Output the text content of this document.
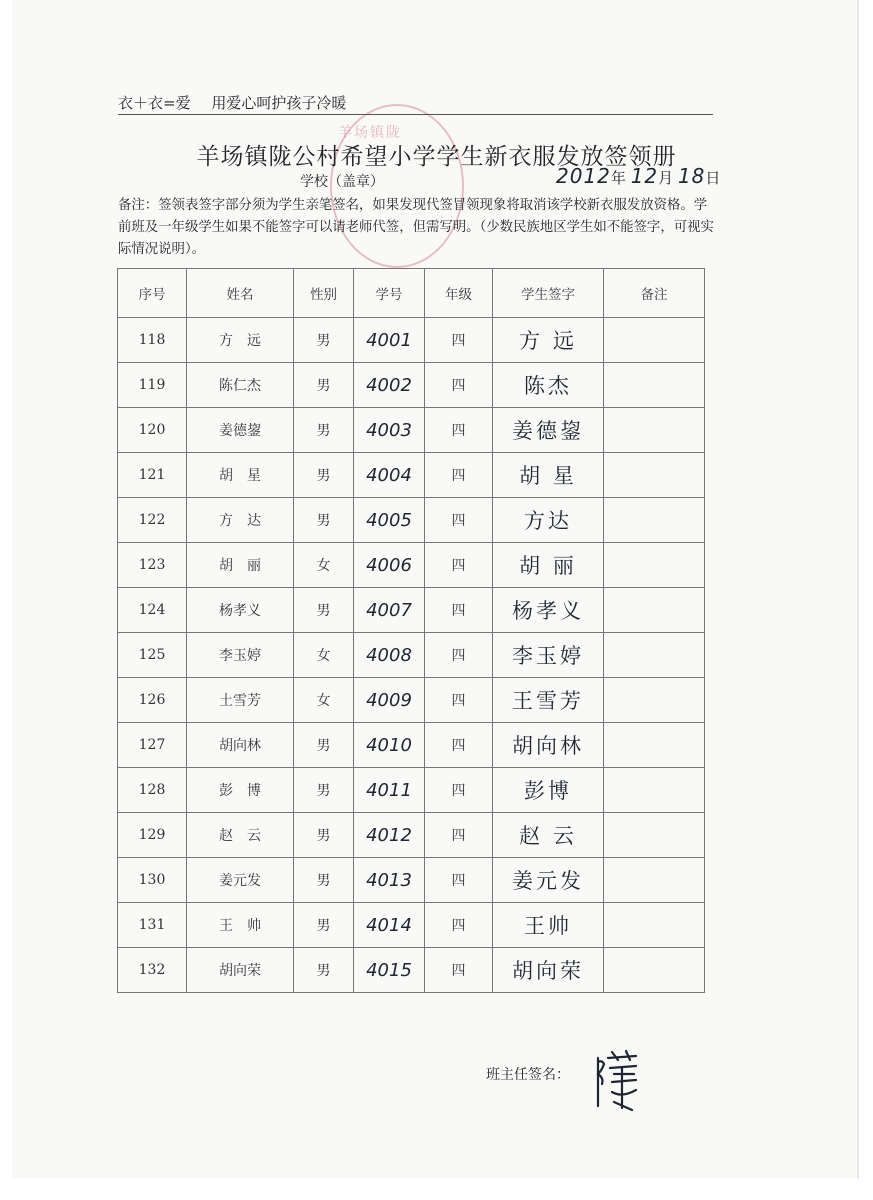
羊场镇陇
衣＋衣=爱 用爱心呵护孩子冷暖
羊场镇陇公村希望小学学生新衣服发放签领册
学校（盖章）	2012年 12月 18日
备注：签领表签字部分须为学生亲笔签名，如果发现代签冒领现象将取消该学校新衣服发放资格。学前班及一年级学生如果不能签字可以请老师代签，但需写明。（少数民族地区学生如不能签字，可视实际情况说明）。
序号	姓名	性别	学号	年级	学生签字	备注
118	方　远	男	4001	四	方 远	
119	陈仁杰	男	4002	四	陈杰	
120	姜德鋆	男	4003	四	姜德鋆	
121	胡　星	男	4004	四	胡 星	
122	方　达	男	4005	四	方达	
123	胡　丽	女	4006	四	胡 丽	
124	杨孝义	男	4007	四	杨孝义	
125	李玉婷	女	4008	四	李玉婷	
126	土雪芳	女	4009	四	王雪芳	
127	胡向林	男	4010	四	胡向林	
128	彭　博	男	4011	四	彭博	
129	赵　云	男	4012	四	赵 云	
130	姜元发	男	4013	四	姜元发	
131	王　帅	男	4014	四	王帅	
132	胡向荣	男	4015	四	胡向荣	
班主任签名：
